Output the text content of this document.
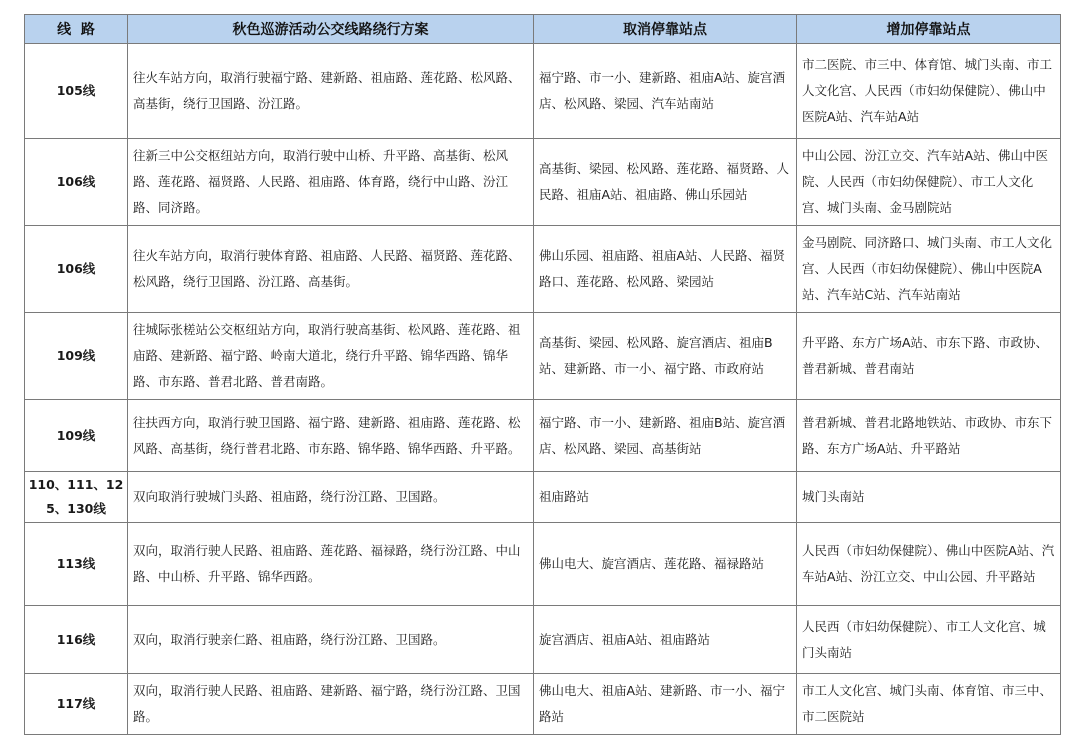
线  路	秋色巡游活动公交线路绕行方案	取消停靠站点	增加停靠站点
105线	往火车站方向，取消行驶福宁路、建新路、祖庙路、莲花路、松风路、高基街，绕行卫国路、汾江路。	福宁路、市一小、建新路、祖庙A站、旋宫酒店、松风路、梁园、汽车站南站	市二医院、市三中、体育馆、城门头南、市工人文化宫、人民西（市妇幼保健院）、佛山中医院A站、汽车站A站
106线	往新三中公交枢纽站方向，取消行驶中山桥、升平路、高基街、松风路、莲花路、福贤路、人民路、祖庙路、体育路，绕行中山路、汾江路、同济路。	高基街、梁园、松风路、莲花路、福贤路、人民路、祖庙A站、祖庙路、佛山乐园站	中山公园、汾江立交、汽车站A站、佛山中医院、人民西（市妇幼保健院）、市工人文化宫、城门头南、金马剧院站
106线	往火车站方向，取消行驶体育路、祖庙路、人民路、福贤路、莲花路、松风路，绕行卫国路、汾江路、高基街。	佛山乐园、祖庙路、祖庙A站、人民路、福贤路口、莲花路、松风路、梁园站	金马剧院、同济路口、城门头南、市工人文化宫、人民西（市妇幼保健院）、佛山中医院A站、汽车站C站、汽车站南站
109线	往城际张槎站公交枢纽站方向，取消行驶高基街、松风路、莲花路、祖庙路、建新路、福宁路、岭南大道北，绕行升平路、锦华西路、锦华路、市东路、普君北路、普君南路。	高基街、梁园、松风路、旋宫酒店、祖庙B站、建新路、市一小、福宁路、市政府站	升平路、东方广场A站、市东下路、市政协、普君新城、普君南站
109线	往扶西方向，取消行驶卫国路、福宁路、建新路、祖庙路、莲花路、松风路、高基街，绕行普君北路、市东路、锦华路、锦华西路、升平路。	福宁路、市一小、建新路、祖庙B站、旋宫酒店、松风路、梁园、高基街站	普君新城、普君北路地铁站、市政协、市东下路、东方广场A站、升平路站
110、111、125、130线	双向取消行驶城门头路、祖庙路，绕行汾江路、卫国路。	祖庙路站	城门头南站
113线	双向，取消行驶人民路、祖庙路、莲花路、福禄路，绕行汾江路、中山路、中山桥、升平路、锦华西路。	佛山电大、旋宫酒店、莲花路、福禄路站	人民西（市妇幼保健院）、佛山中医院A站、汽车站A站、汾江立交、中山公园、升平路站
116线	双向，取消行驶亲仁路、祖庙路，绕行汾江路、卫国路。	旋宫酒店、祖庙A站、祖庙路站	人民西（市妇幼保健院）、市工人文化宫、城门头南站
117线	双向，取消行驶人民路、祖庙路、建新路、福宁路，绕行汾江路、卫国路。	佛山电大、祖庙A站、建新路、市一小、福宁路站	市工人文化宫、城门头南、体育馆、市三中、市二医院站
